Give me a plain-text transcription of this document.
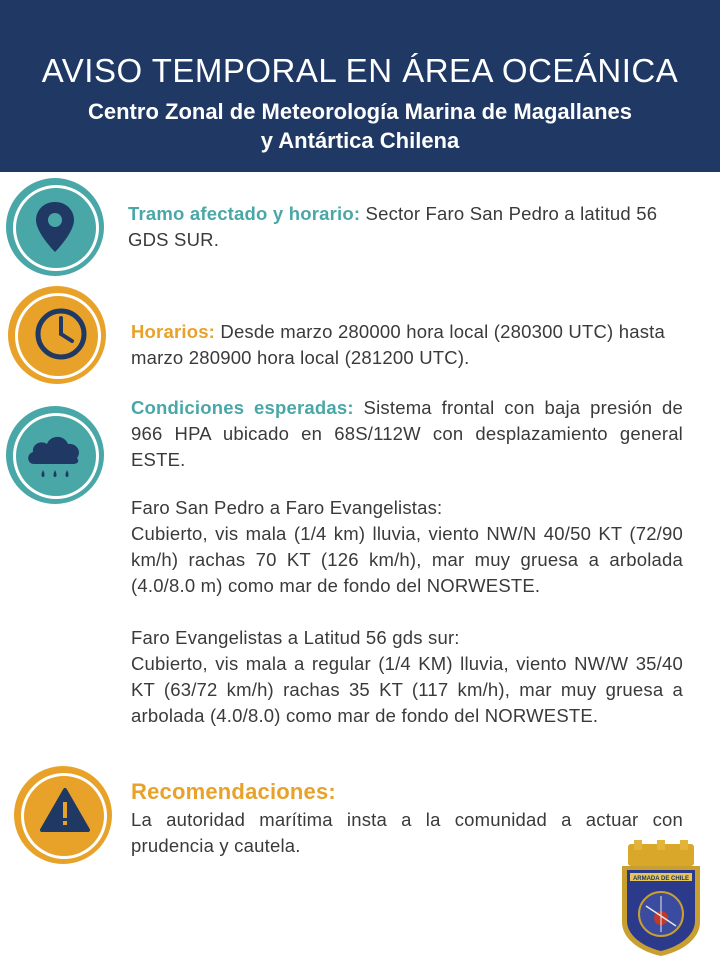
AVISO TEMPORAL EN ÁREA OCEÁNICA
Centro Zonal de Meteorología Marina de Magallanes
y Antártica Chilena
Tramo afectado y horario: Sector Faro San Pedro a latitud 56 GDS SUR.
Horarios: Desde marzo 280000 hora local (280300 UTC) hasta marzo 280900 hora local (281200 UTC).
Condiciones esperadas: Sistema frontal con baja presión de 966 HPA ubicado en 68S/112W con desplazamiento general ESTE.
Faro San Pedro a Faro Evangelistas:
Cubierto, vis mala (1/4 km) lluvia, viento NW/N 40/50 KT (72/90 km/h) rachas 70 KT (126 km/h), mar muy gruesa a arbolada (4.0/8.0 m) como mar de fondo del NORWESTE.
Faro Evangelistas a Latitud 56 gds sur:
Cubierto, vis mala a regular (1/4 KM) lluvia, viento NW/W 35/40 KT (63/72 km/h) rachas 35 KT (117 km/h), mar muy gruesa a arbolada (4.0/8.0) como mar de fondo del NORWESTE.
Recomendaciones:
La autoridad marítima insta a la comunidad a actuar con prudencia y cautela.
ARMADA DE CHILE
